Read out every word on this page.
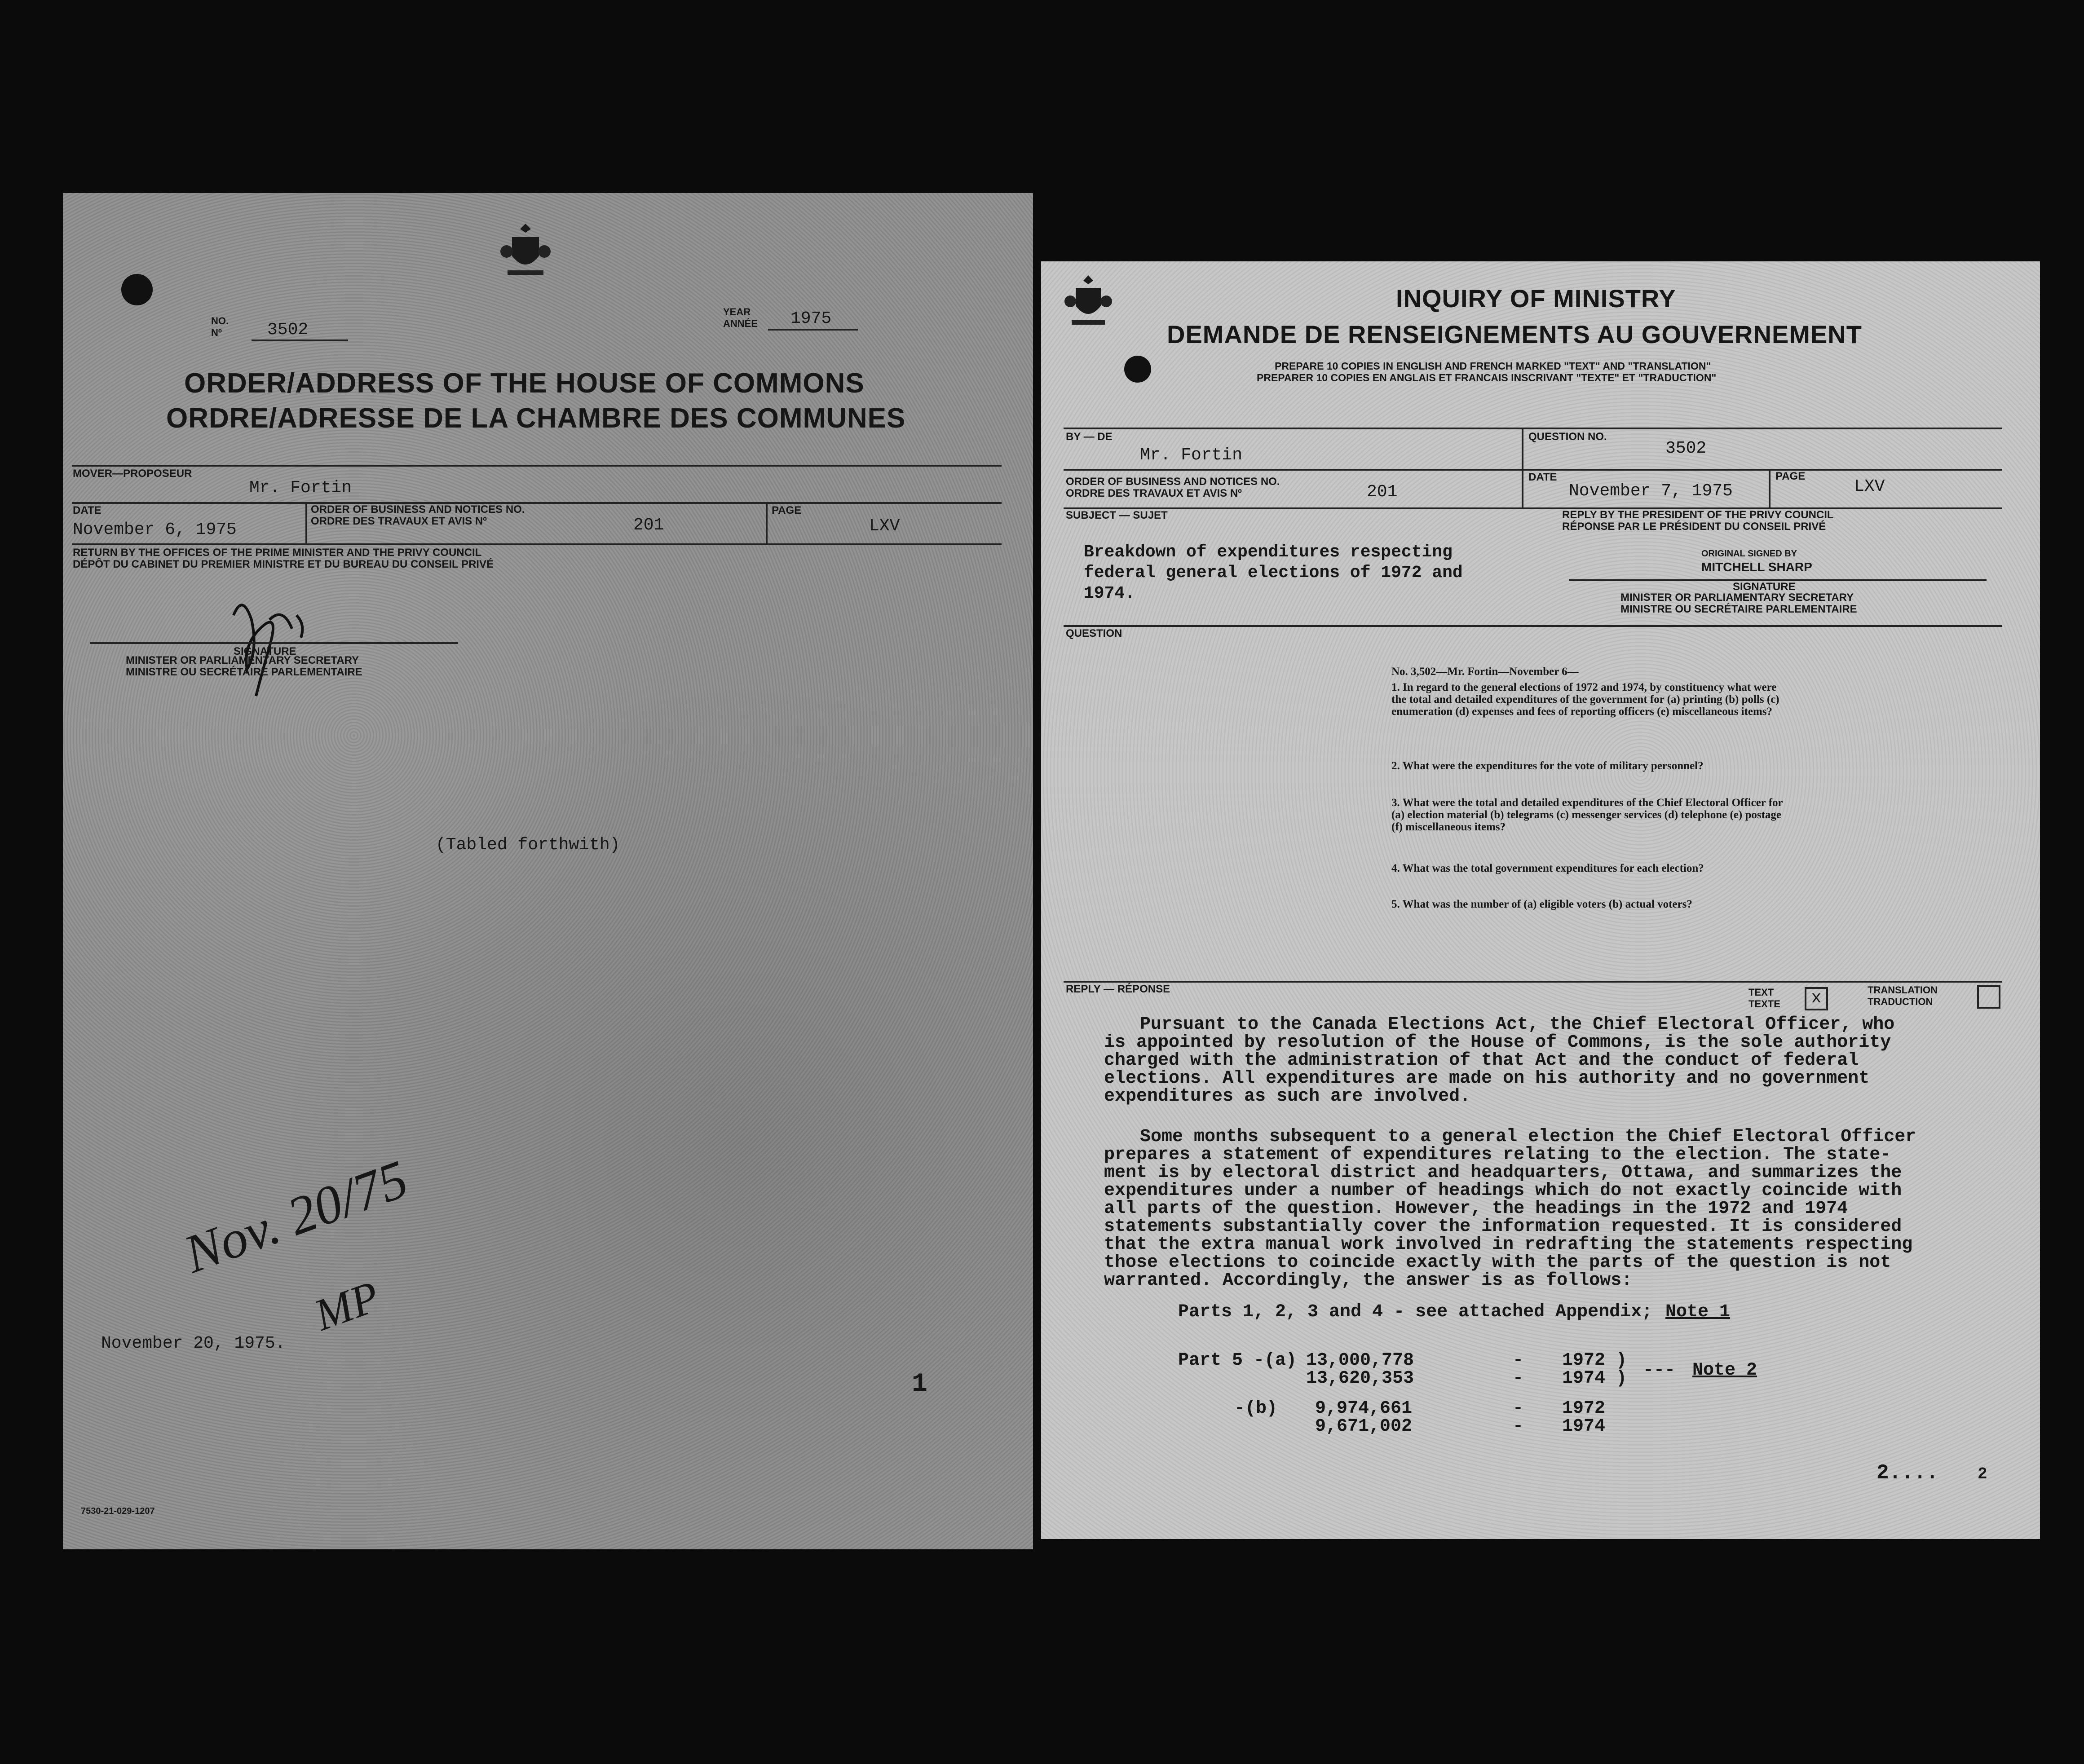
NO.
Nº	3502
YEAR
ANNÉE 1975
ORDER/ADDRESS OF THE HOUSE OF COMMONS
ORDRE/ADRESSE DE LA CHAMBRE DES COMMUNES
MOVER—PROPOSEUR
Mr. Fortin
DATE
November 6, 1975
ORDER OF BUSINESS AND NOTICES NO.
ORDRE DES TRAVAUX ET AVIS Nº	201
PAGE
LXV
RETURN BY THE OFFICES OF THE PRIME MINISTER AND THE PRIVY COUNCIL
DÉPÔT DU CABINET DU PREMIER MINISTRE ET DU BUREAU DU CONSEIL PRIVÉ
SIGNATURE
MINISTER OR PARLIAMENTARY SECRETARY
MINISTRE OU SECRÉTAIRE PARLEMENTAIRE
(Tabled forthwith)
Nov. 20/75
MP
November 20, 1975.
1
7530-21-029-1207
INQUIRY OF MINISTRY
DEMANDE DE RENSEIGNEMENTS AU GOUVERNEMENT
PREPARE 10 COPIES IN ENGLISH AND FRENCH MARKED "TEXT" AND "TRANSLATION"
PREPARER 10 COPIES EN ANGLAIS ET FRANCAIS INSCRIVANT "TEXTE" ET "TRADUCTION"
BY — DE
Mr. Fortin
QUESTION NO.
3502
ORDER OF BUSINESS AND NOTICES NO.
ORDRE DES TRAVAUX ET AVIS Nº	201
DATE
November 7, 1975
PAGE
LXV
SUBJECT — SUJET
Breakdown of expenditures respecting
federal general elections of 1972 and
1974.
REPLY BY THE PRESIDENT OF THE PRIVY COUNCIL
RÉPONSE PAR LE PRÉSIDENT DU CONSEIL PRIVÉ
ORIGINAL SIGNED BY
MITCHELL SHARP
SIGNATURE
MINISTER OR PARLIAMENTARY SECRETARY
MINISTRE OU SECRÉTAIRE PARLEMENTAIRE
QUESTION
No. 3,502—Mr. Fortin—November 6—
1. In regard to the general elections of 1972 and 1974, by constituency what were the total and detailed expenditures of the government for (a) printing (b) polls (c) enumeration (d) expenses and fees of reporting officers (e) miscellaneous items?
2. What were the expenditures for the vote of military personnel?
3. What were the total and detailed expenditures of the Chief Electoral Officer for (a) election material (b) telegrams (c) messenger services (d) telephone (e) postage (f) miscellaneous items?
4. What was the total government expenditures for each election?
5. What was the number of (a) eligible voters (b) actual voters?
REPLY — RÉPONSE	TEXT
TEXTE	x	TRANSLATION
TRADUCTION
Pursuant to the Canada Elections Act, the Chief Electoral Officer, who
is appointed by resolution of the House of Commons, is the sole authority
charged with the administration of that Act and the conduct of federal
elections. All expenditures are made on his authority and no government
expenditures as such are involved.
Some months subsequent to a general election the Chief Electoral Officer
prepares a statement of expenditures relating to the election. The state-
ment is by electoral district and headquarters, Ottawa, and summarizes the
expenditures under a number of headings which do not exactly coincide with
all parts of the question. However, the headings in the 1972 and 1974
statements substantially cover the information requested. It is considered
that the extra manual work involved in redrafting the statements respecting
those elections to coincide exactly with the parts of the question is not
warranted. Accordingly, the answer is as follows:
Parts 1, 2, 3 and 4 - see attached Appendix; Note 1
Part 5 -(a) 13,000,778	- 1972 )
13,620,353	- 1974 ) --- Note 2
-(b) 9,974,661	- 1972
9,671,002	- 1974
2.... 2
